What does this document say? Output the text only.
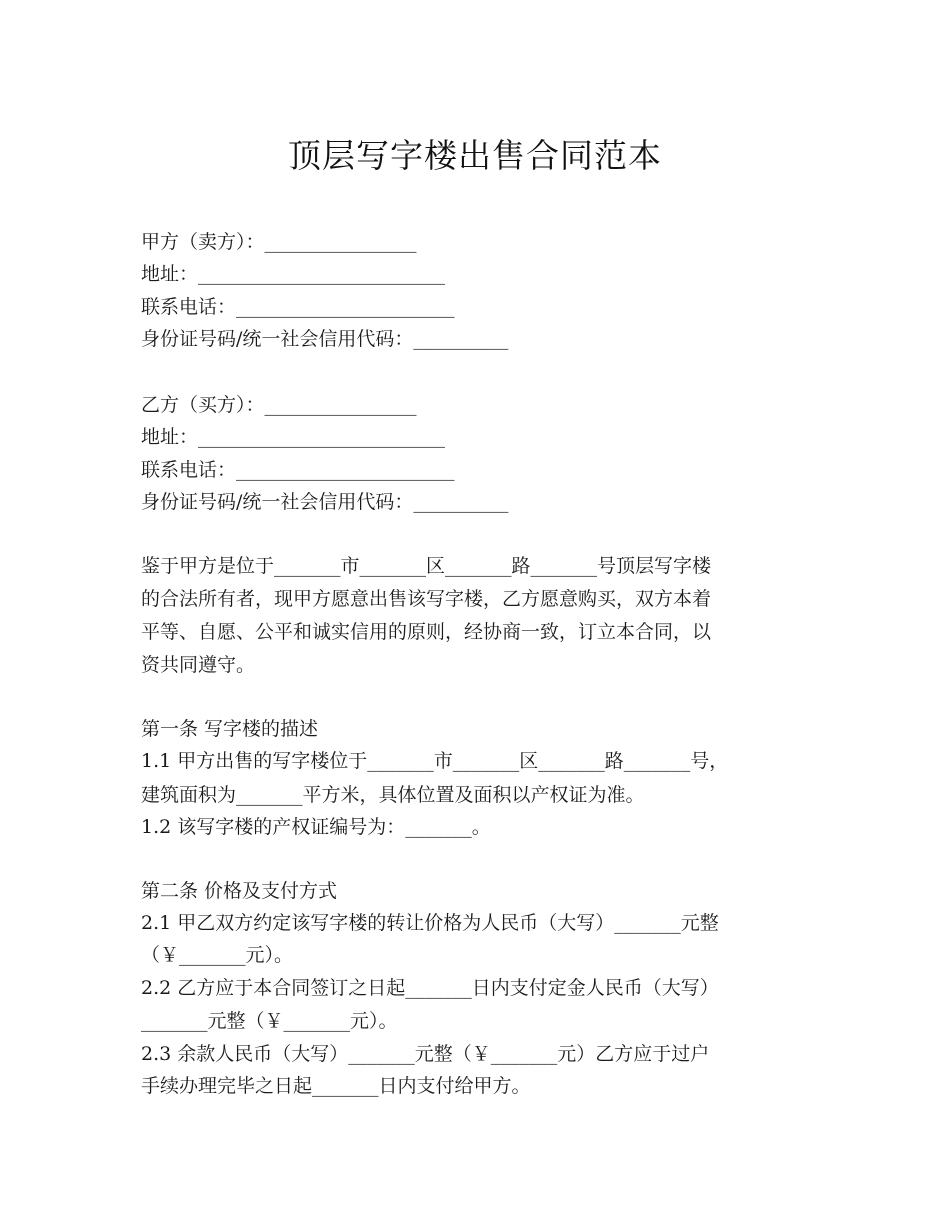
顶层写字楼出售合同范本
甲方（卖方）：________________
地址：__________________________
联系电话：_______________________
身份证号码/统一社会信用代码：__________
乙方（买方）：________________
地址：__________________________
联系电话：_______________________
身份证号码/统一社会信用代码：__________
鉴于甲方是位于_______市_______区_______路_______号顶层写字楼
的合法所有者，现甲方愿意出售该写字楼，乙方愿意购买，双方本着
平等、自愿、公平和诚实信用的原则，经协商一致，订立本合同，以
资共同遵守。
第一条 写字楼的描述
1.1 甲方出售的写字楼位于_______市_______区_______路_______号，
建筑面积为_______平方米，具体位置及面积以产权证为准。
1.2 该写字楼的产权证编号为：_______。
第二条 价格及支付方式
2.1 甲乙双方约定该写字楼的转让价格为人民币（大写）_______元整
（￥_______元）。
2.2 乙方应于本合同签订之日起_______日内支付定金人民币（大写）
_______元整（￥_______元）。
2.3 余款人民币（大写）_______元整（￥_______元）乙方应于过户
手续办理完毕之日起_______日内支付给甲方。
